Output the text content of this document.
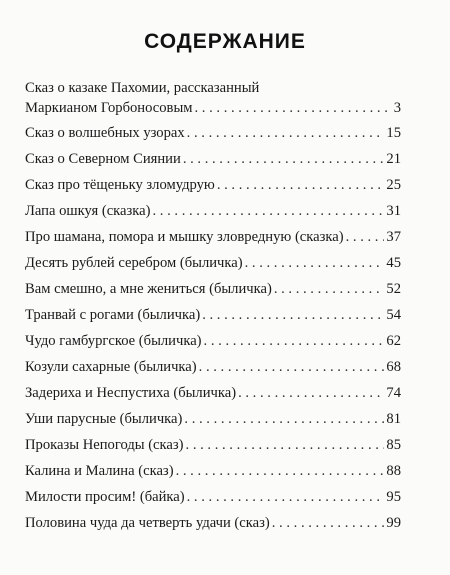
СОДЕРЖАНИЕ
Сказ о казаке Пахомии, рассказанный
Маркианом Горбоносовым . . .	3
Сказ о волшебных узорах . . .	15
Сказ о Северном Сиянии . . .	21
Сказ про тёщеньку зломудрую . . .	25
Лапа ошкуя (сказка) . . .	31
Про шамана, помора и мышку зловредную (сказка) . . .	37
Десять рублей серебром (быличка) . . .	45
Вам смешно, а мне жениться (быличка) . . .	52
Транвай с рогами (быличка) . . .	54
Чудо гамбургское (быличка) . . .	62
Козули сахарные (быличка) . . .	68
Задериха и Неспустиха (быличка) . . .	74
Уши парусные (быличка) . . .	81
Проказы Непогоды (сказ) . . .	85
Калина и Малина (сказ) . . .	88
Милости просим! (байка) . . .	95
Половина чуда да четверть удачи (сказ) . . .	99
